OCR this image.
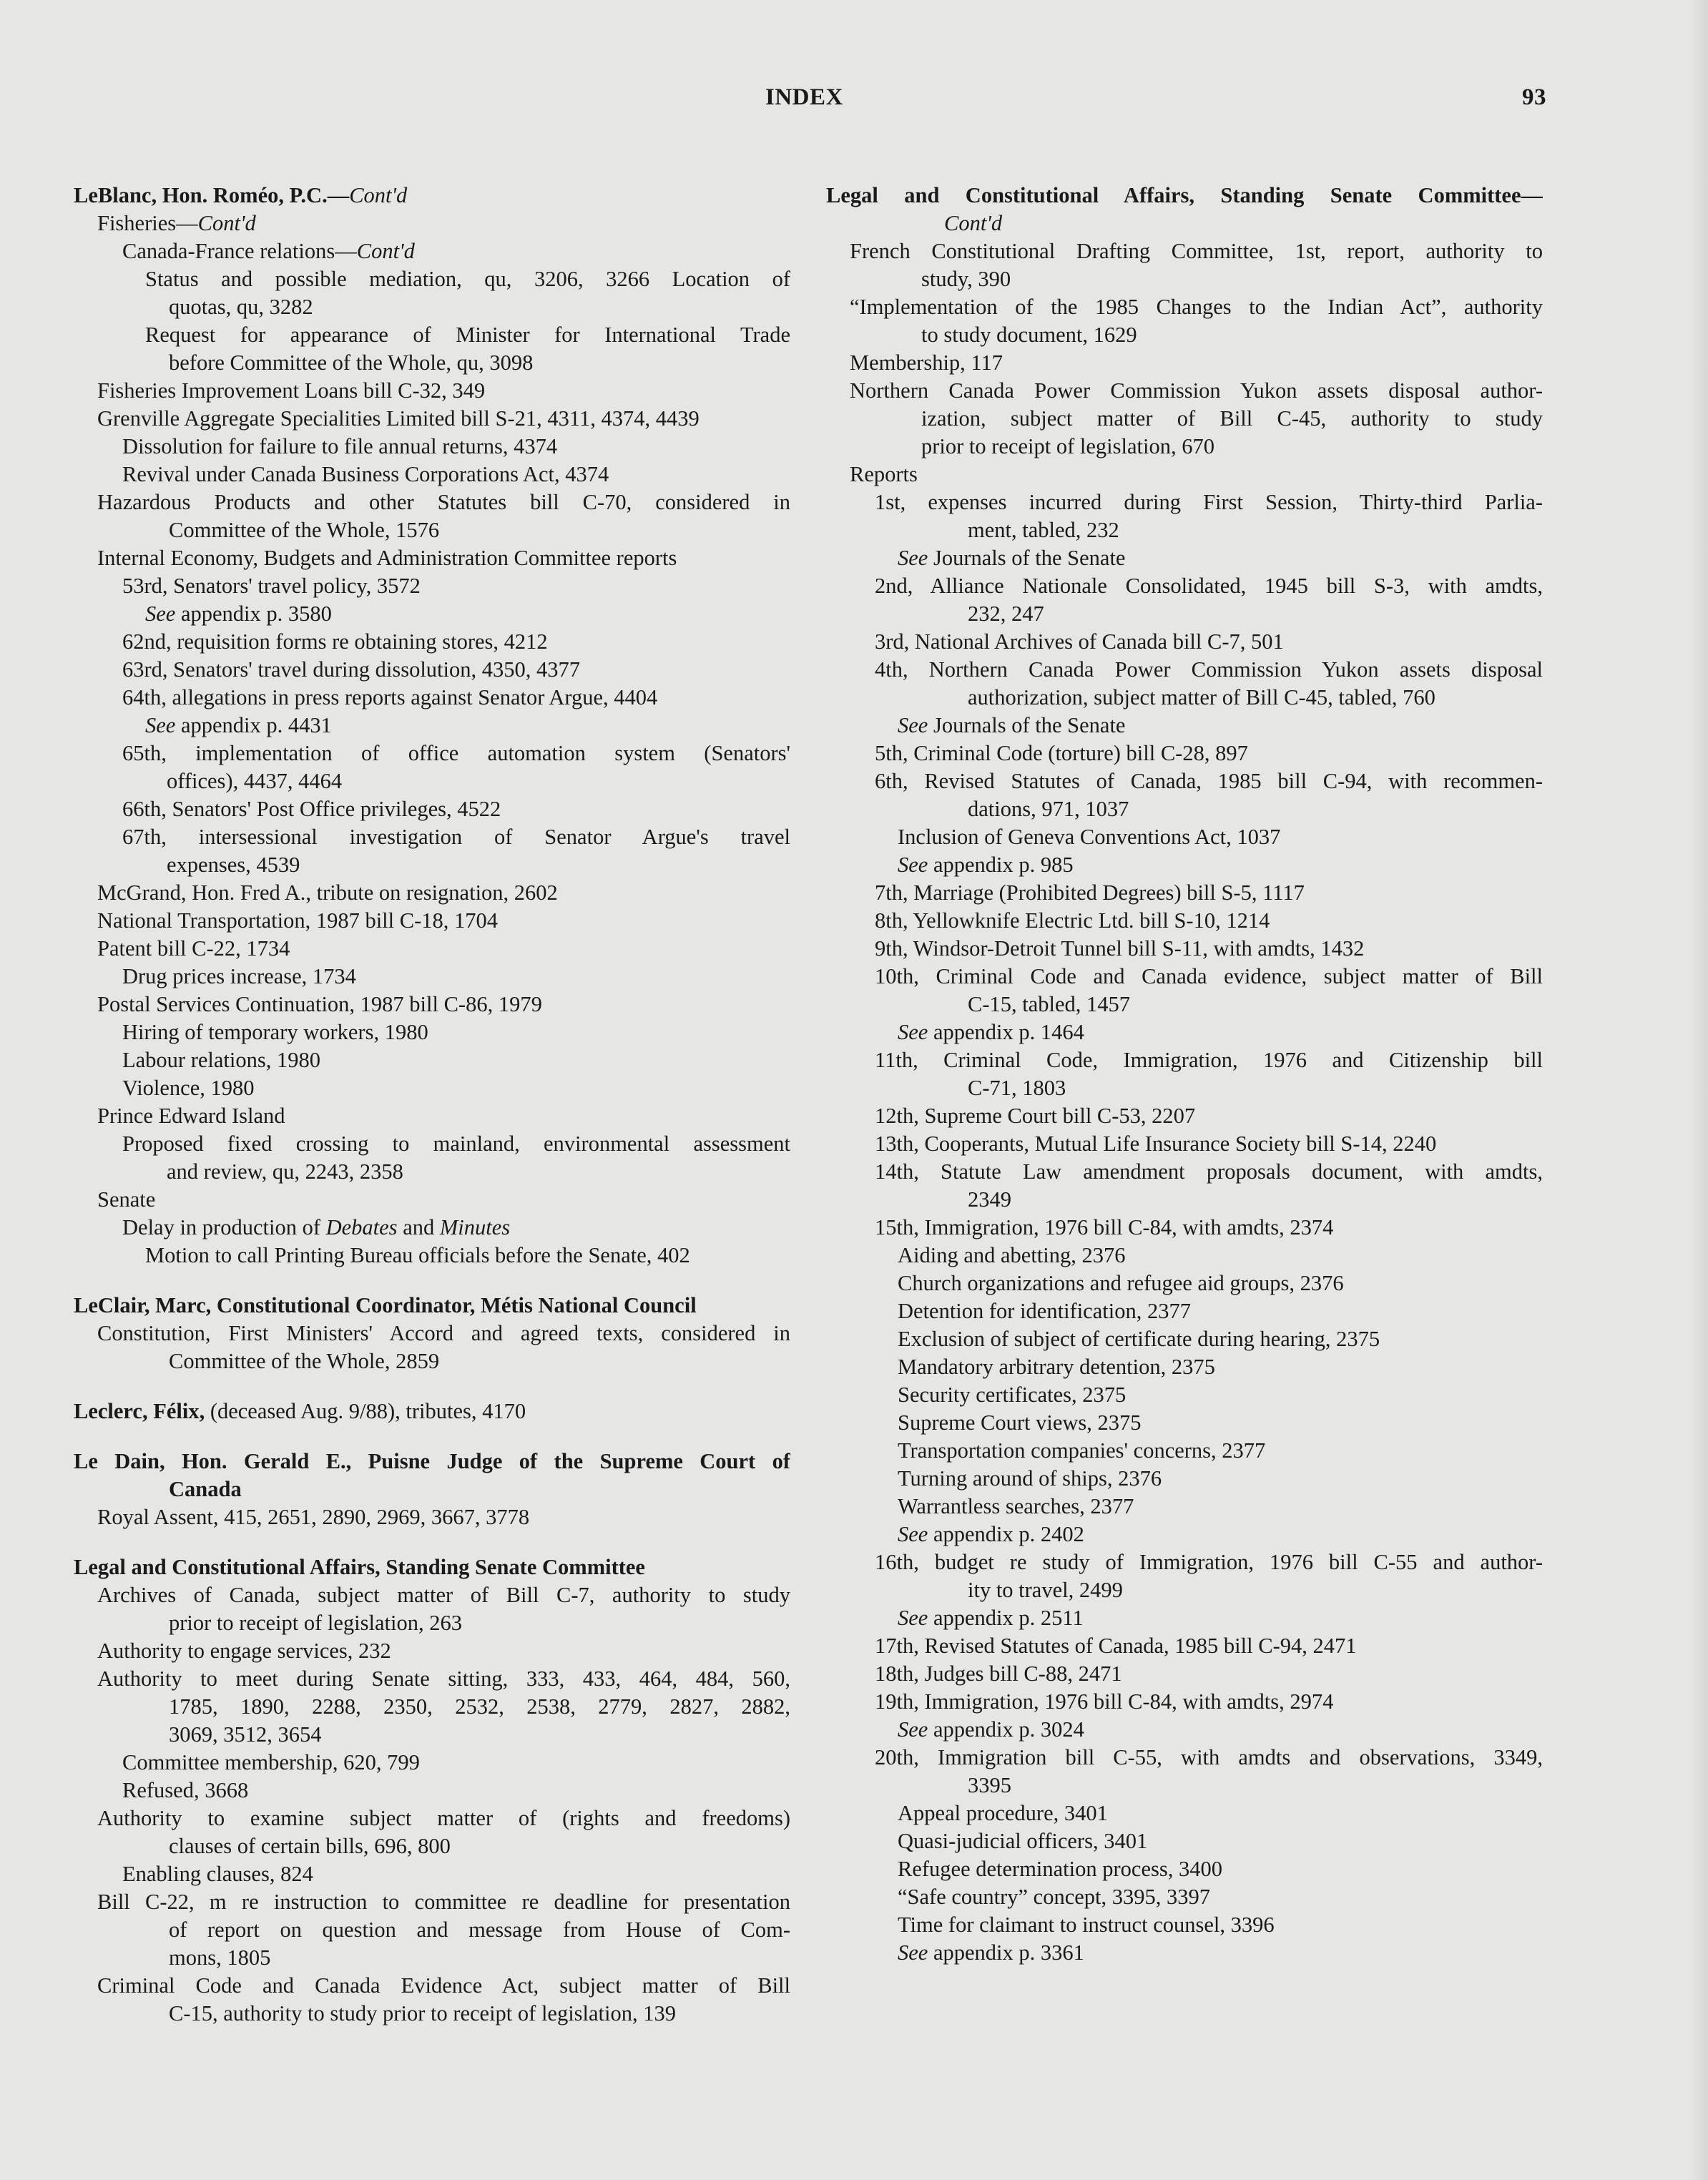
INDEX	93
LeBlanc, Hon. Roméo, P.C.—Cont'd
Fisheries—Cont'd
Canada-France relations—Cont'd
Status and possible mediation, qu, 3206, 3266 Location of
quotas, qu, 3282
Request for appearance of Minister for International Trade
before Committee of the Whole, qu, 3098
Fisheries Improvement Loans bill C-32, 349
Grenville Aggregate Specialities Limited bill S-21, 4311, 4374, 4439
Dissolution for failure to file annual returns, 4374
Revival under Canada Business Corporations Act, 4374
Hazardous Products and other Statutes bill C-70, considered in
Committee of the Whole, 1576
Internal Economy, Budgets and Administration Committee reports
53rd, Senators' travel policy, 3572
See appendix p. 3580
62nd, requisition forms re obtaining stores, 4212
63rd, Senators' travel during dissolution, 4350, 4377
64th, allegations in press reports against Senator Argue, 4404
See appendix p. 4431
65th, implementation of office automation system (Senators'
offices), 4437, 4464
66th, Senators' Post Office privileges, 4522
67th, intersessional investigation of Senator Argue's travel
expenses, 4539
McGrand, Hon. Fred A., tribute on resignation, 2602
National Transportation, 1987 bill C-18, 1704
Patent bill C-22, 1734
Drug prices increase, 1734
Postal Services Continuation, 1987 bill C-86, 1979
Hiring of temporary workers, 1980
Labour relations, 1980
Violence, 1980
Prince Edward Island
Proposed fixed crossing to mainland, environmental assessment
and review, qu, 2243, 2358
Senate
Delay in production of Debates and Minutes
Motion to call Printing Bureau officials before the Senate, 402
LeClair, Marc, Constitutional Coordinator, Métis National Council
Constitution, First Ministers' Accord and agreed texts, considered in
Committee of the Whole, 2859
Leclerc, Félix, (deceased Aug. 9/88), tributes, 4170
Le Dain, Hon. Gerald E., Puisne Judge of the Supreme Court of
Canada
Royal Assent, 415, 2651, 2890, 2969, 3667, 3778
Legal and Constitutional Affairs, Standing Senate Committee
Archives of Canada, subject matter of Bill C-7, authority to study
prior to receipt of legislation, 263
Authority to engage services, 232
Authority to meet during Senate sitting, 333, 433, 464, 484, 560,
1785, 1890, 2288, 2350, 2532, 2538, 2779, 2827, 2882,
3069, 3512, 3654
Committee membership, 620, 799
Refused, 3668
Authority to examine subject matter of (rights and freedoms)
clauses of certain bills, 696, 800
Enabling clauses, 824
Bill C-22, m re instruction to committee re deadline for presentation
of report on question and message from House of Com-
mons, 1805
Criminal Code and Canada Evidence Act, subject matter of Bill
C-15, authority to study prior to receipt of legislation, 139
Legal and Constitutional Affairs, Standing Senate Committee—
Cont'd
French Constitutional Drafting Committee, 1st, report, authority to
study, 390
“Implementation of the 1985 Changes to the Indian Act”, authority
to study document, 1629
Membership, 117
Northern Canada Power Commission Yukon assets disposal author-
ization, subject matter of Bill C-45, authority to study
prior to receipt of legislation, 670
Reports
1st, expenses incurred during First Session, Thirty-third Parlia-
ment, tabled, 232
See Journals of the Senate
2nd, Alliance Nationale Consolidated, 1945 bill S-3, with amdts,
232, 247
3rd, National Archives of Canada bill C-7, 501
4th, Northern Canada Power Commission Yukon assets disposal
authorization, subject matter of Bill C-45, tabled, 760
See Journals of the Senate
5th, Criminal Code (torture) bill C-28, 897
6th, Revised Statutes of Canada, 1985 bill C-94, with recommen-
dations, 971, 1037
Inclusion of Geneva Conventions Act, 1037
See appendix p. 985
7th, Marriage (Prohibited Degrees) bill S-5, 1117
8th, Yellowknife Electric Ltd. bill S-10, 1214
9th, Windsor-Detroit Tunnel bill S-11, with amdts, 1432
10th, Criminal Code and Canada evidence, subject matter of Bill
C-15, tabled, 1457
See appendix p. 1464
11th, Criminal Code, Immigration, 1976 and Citizenship bill
C-71, 1803
12th, Supreme Court bill C-53, 2207
13th, Cooperants, Mutual Life Insurance Society bill S-14, 2240
14th, Statute Law amendment proposals document, with amdts,
2349
15th, Immigration, 1976 bill C-84, with amdts, 2374
Aiding and abetting, 2376
Church organizations and refugee aid groups, 2376
Detention for identification, 2377
Exclusion of subject of certificate during hearing, 2375
Mandatory arbitrary detention, 2375
Security certificates, 2375
Supreme Court views, 2375
Transportation companies' concerns, 2377
Turning around of ships, 2376
Warrantless searches, 2377
See appendix p. 2402
16th, budget re study of Immigration, 1976 bill C-55 and author-
ity to travel, 2499
See appendix p. 2511
17th, Revised Statutes of Canada, 1985 bill C-94, 2471
18th, Judges bill C-88, 2471
19th, Immigration, 1976 bill C-84, with amdts, 2974
See appendix p. 3024
20th, Immigration bill C-55, with amdts and observations, 3349,
3395
Appeal procedure, 3401
Quasi-judicial officers, 3401
Refugee determination process, 3400
“Safe country” concept, 3395, 3397
Time for claimant to instruct counsel, 3396
See appendix p. 3361
